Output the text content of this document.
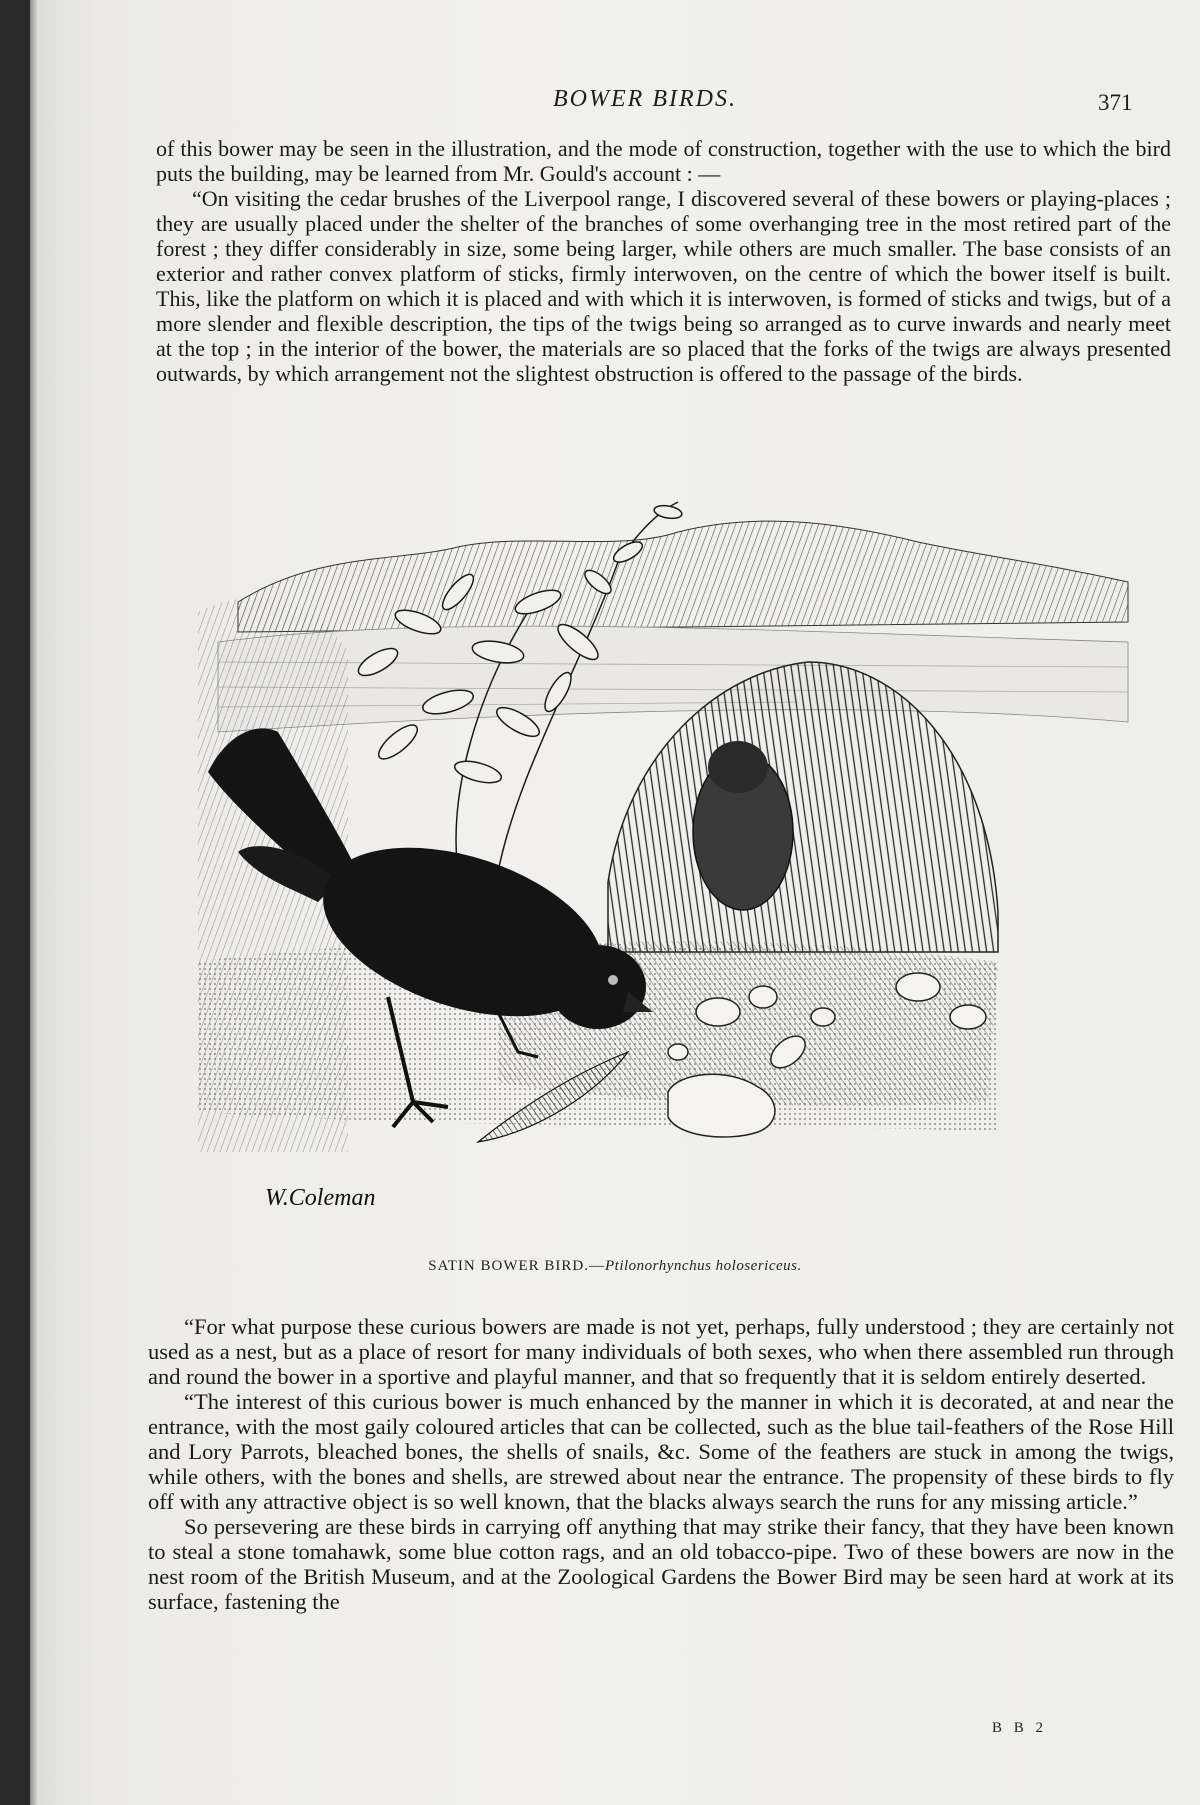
BOWER BIRDS.	371

of this bower may be seen in the illustration, and the mode of construction, together with the use to which the bird puts the building, may be learned from Mr. Gould's account : —

“On visiting the cedar brushes of the Liverpool range, I discovered several of these bowers or playing-places ; they are usually placed under the shelter of the branches of some overhanging tree in the most retired part of the forest ; they differ considerably in size, some being larger, while others are much smaller. The base consists of an exterior and rather convex platform of sticks, firmly interwoven, on the centre of which the bower itself is built. This, like the platform on which it is placed and with which it is interwoven, is formed of sticks and twigs, but of a more slender and flexible description, the tips of the twigs being so arranged as to curve inwards and nearly meet at the top ; in the interior of the bower, the materials are so placed that the forks of the twigs are always presented outwards, by which arrangement not the slightest obstruction is offered to the passage of the birds.

W.Coleman
SATIN BOWER BIRD.—Ptilonorhynchus holosericeus.

“For what purpose these curious bowers are made is not yet, perhaps, fully understood ; they are certainly not used as a nest, but as a place of resort for many individuals of both sexes, who when there assembled run through and round the bower in a sportive and playful manner, and that so frequently that it is seldom entirely deserted.

“The interest of this curious bower is much enhanced by the manner in which it is decorated, at and near the entrance, with the most gaily coloured articles that can be collected, such as the blue tail-feathers of the Rose Hill and Lory Parrots, bleached bones, the shells of snails, &c. Some of the feathers are stuck in among the twigs, while others, with the bones and shells, are strewed about near the entrance. The propensity of these birds to fly off with any attractive object is so well known, that the blacks always search the runs for any missing article.”

So persevering are these birds in carrying off anything that may strike their fancy, that they have been known to steal a stone tomahawk, some blue cotton rags, and an old tobacco-pipe. Two of these bowers are now in the nest room of the British Museum, and at the Zoological Gardens the Bower Bird may be seen hard at work at its surface, fastening the

B B 2
